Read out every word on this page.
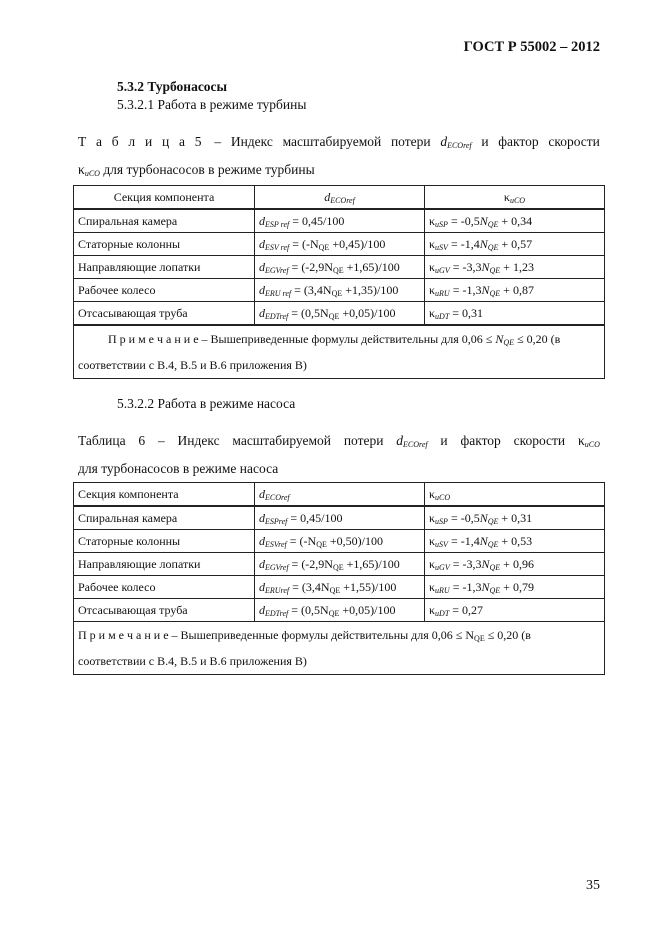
ГОСТ Р 55002 – 2012
5.3.2 Турбонасосы
5.3.2.1 Работа в режиме турбины
Т а б л и ц а 5 – Индекс масштабируемой потери $d_{ECOref}$ и фактор скорости
$\kappa_{uCO}$ для турбонасосов в режиме турбины
Секция компонента	$d_{ECOref}$	$\kappa_{uCO}$
Спиральная камера	$d_{ESP ref} = 0,45/100$	$\kappa_{uSP} = -0,5N_{QE} + 0,34$
Статорные колонны	$d_{ESV ref} = (-NQE +0,45)/100$	$\kappa_{uSV} = -1,4N_{QE} + 0,57$
Направляющие лопатки	$d_{EGVref} = (-2,9NQE +1,65)/100$	$\kappa_{uGV} = -3,3N_{QE} + 1,23$
Рабочее колесо	$d_{ERU ref} = (3,4NQE +1,35)/100$	$\kappa_{uRU} = -1,3N_{QE} + 0,87$
Отсасывающая труба	$d_{EDTref} = (0,5NQE +0,05)/100$	$\kappa_{uDT} = 0,31$
П р и м е ч а н и е – Вышеприведенные формулы действительны для $0,06 \le N_{QE} \le 0,20$ (в соответствии с В.4, В.5 и В.6 приложения В)		
5.3.2.2 Работа в режиме насоса
Таблица 6 – Индекс масштабируемой потери $d_{ECOref}$ и фактор скорости $\kappa_{uCO}$
для турбонасосов в режиме насоса
Секция компонента	$d_{ECOref}$	$\kappa_{uCO}$
Спиральная камера	$d_{ESPref} = 0,45/100$	$\kappa_{uSP} = -0,5N_{QE} + 0,31$
Статорные колонны	$d_{ESVref} = (-NQE +0,50)/100$	$\kappa_{uSV} = -1,4N_{QE} + 0,53$
Направляющие лопатки	$d_{EGVref} = (-2,9NQE +1,65)/100$	$\kappa_{uGV} = -3,3N_{QE} + 0,96$
Рабочее колесо	$d_{ERUref} = (3,4NQE +1,55)/100$	$\kappa_{uRU} = -1,3N_{QE} + 0,79$
Отсасывающая труба	$d_{EDTref} = (0,5NQE +0,05)/100$	$\kappa_{uDT} = 0,27$
П р и м е ч а н и е – Вышеприведенные формулы действительны для 0,06 ≤ NQE ≤ 0,20 (в соответствии с В.4, В.5 и В.6 приложения В)		
35
